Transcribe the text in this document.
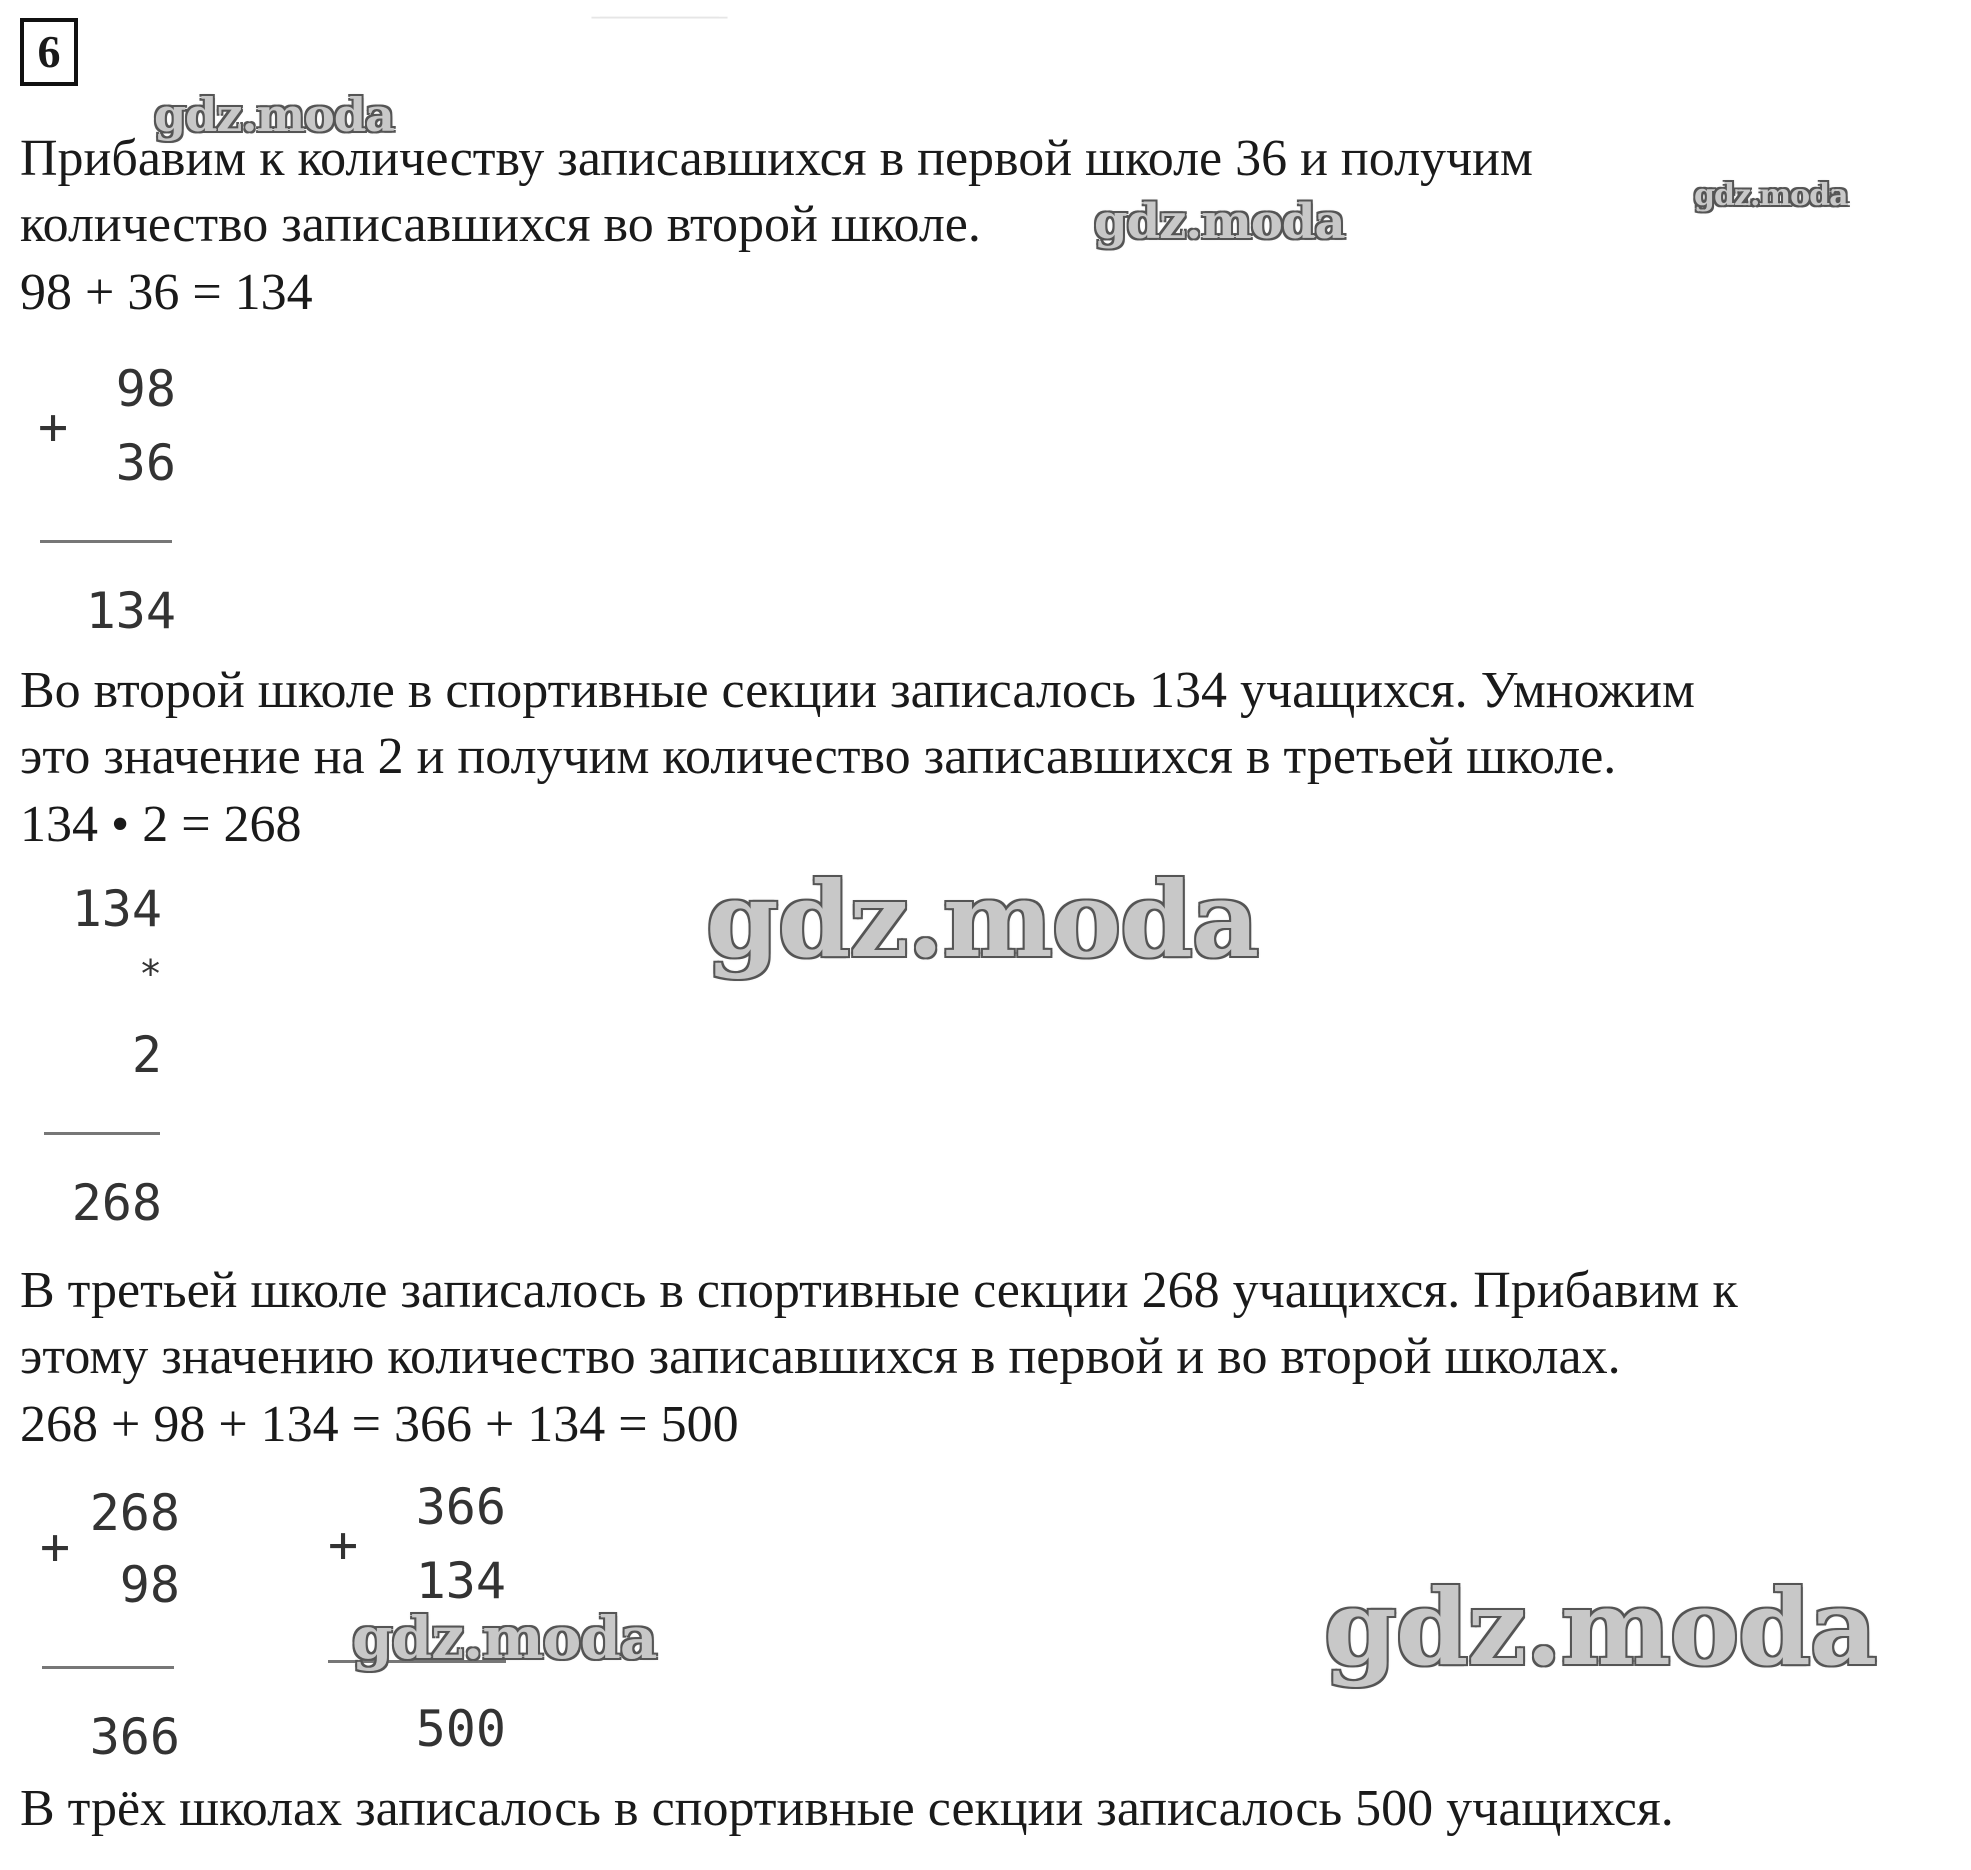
̶ ̶ ̶ ̶ ̶ ̶ ̶ ̶ ̶ ̶ ̶ ̶ ̶ ̶ ̶
6
Прибавим к количеству записавшихся в первой школе 36 и получим
количество записавшихся во второй школе.
98 + 36 = 134
+
98
36
134
Во второй школе в спортивные секции записалось 134 учащихся. Умножим
это значение на 2 и получим количество записавшихся в третьей школе.
134 • 2 = 268
134
*
2
268
В третьей школе записалось в спортивные секции 268 учащихся. Прибавим к
этому значению количество записавшихся в первой и во второй школах.
268 + 98 + 134 = 366 + 134 = 500
268
+
98
366
366
+
134
500
В трёх школах записалось в спортивные секции записалось 500 учащихся.
gdz.moda
gdz.moda	gdz.moda
gdz.moda
gdz.moda	gdz.moda
